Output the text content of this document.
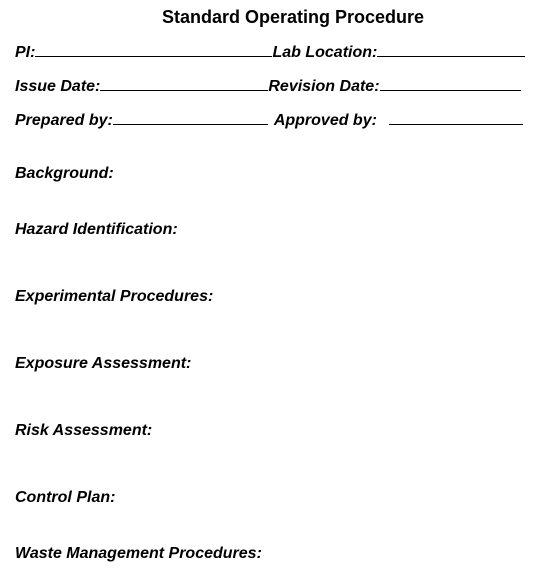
Standard Operating Procedure
PI:	Lab Location:
Issue Date:	Revision Date:
Prepared by:	Approved by:
Background:
Hazard Identification:
Experimental Procedures:
Exposure Assessment:
Risk Assessment:
Control Plan:
Waste Management Procedures:
